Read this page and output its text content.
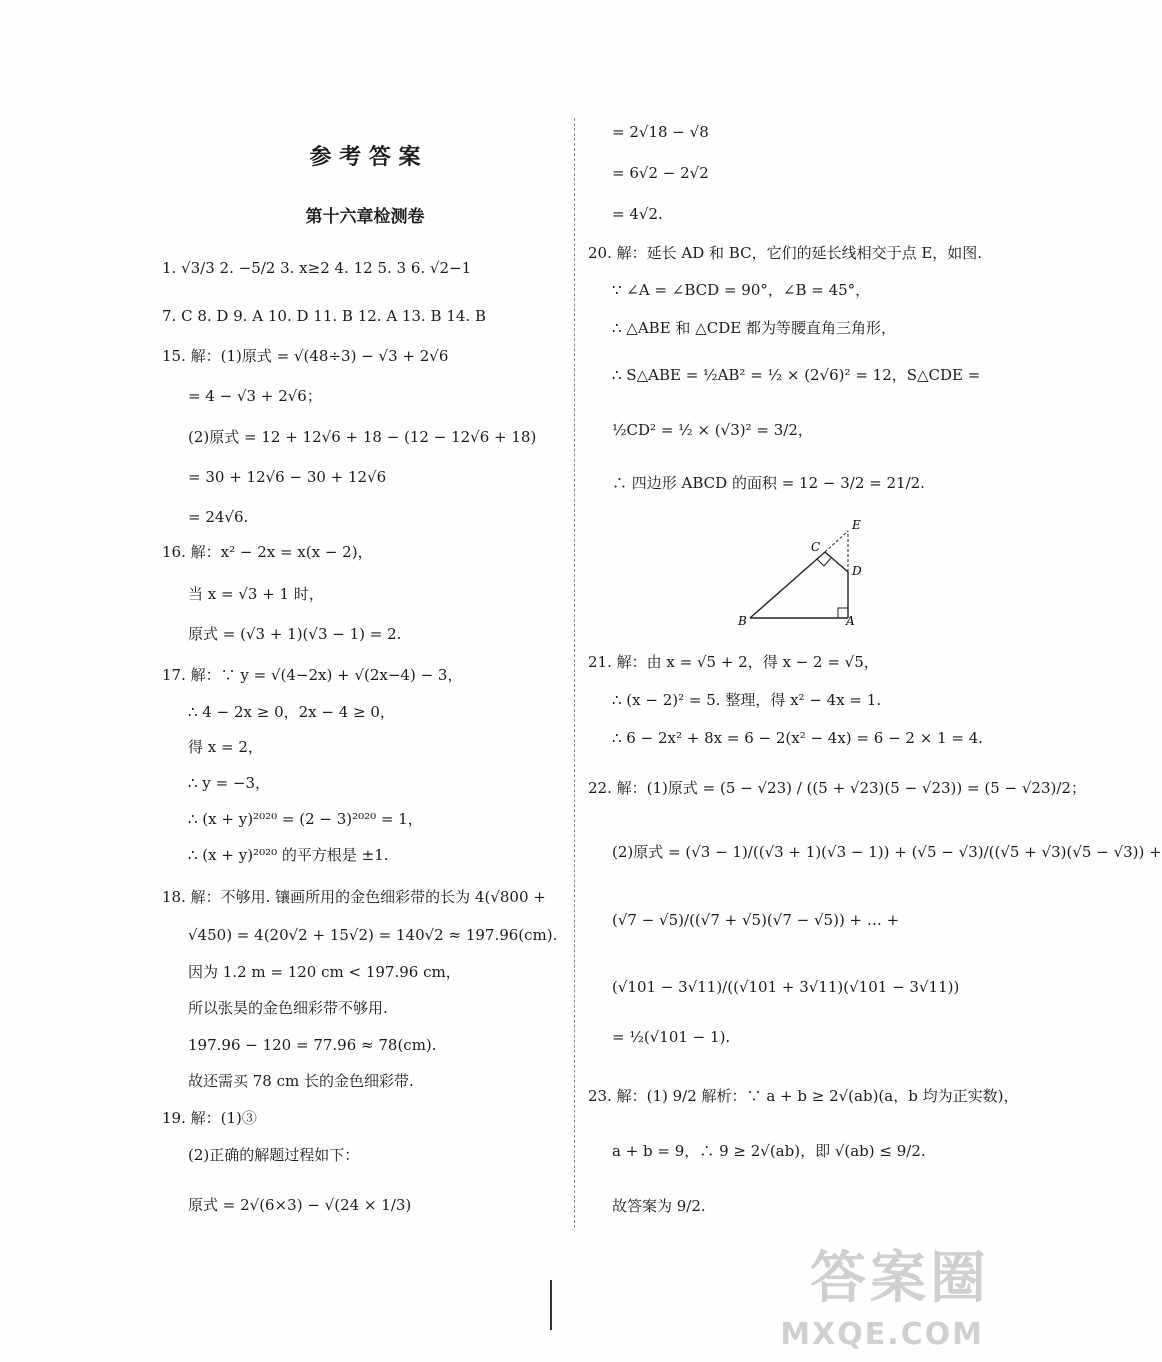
参 考 答 案
第十六章检测卷
1. √3/3 2. −5/2 3. x≥2 4. 12 5. 3 6. √2−1
7. C 8. D 9. A 10. D 11. B 12. A 13. B 14. B
15. 解：(1)原式 = √(48÷3) − √3 + 2√6
= 4 − √3 + 2√6；
(2)原式 = 12 + 12√6 + 18 − (12 − 12√6 + 18)
= 30 + 12√6 − 30 + 12√6
= 24√6.
16. 解：x² − 2x = x(x − 2)，
当 x = √3 + 1 时，
原式 = (√3 + 1)(√3 − 1) = 2.
17. 解：∵ y = √(4−2x) + √(2x−4) − 3，
∴ 4 − 2x ≥ 0，2x − 4 ≥ 0，
得 x = 2，
∴ y = −3，
∴ (x + y)²⁰²⁰ = (2 − 3)²⁰²⁰ = 1，
∴ (x + y)²⁰²⁰ 的平方根是 ±1.
18. 解：不够用. 镶画所用的金色细彩带的长为 4(√800 +
√450) = 4(20√2 + 15√2) = 140√2 ≈ 197.96(cm).
因为 1.2 m = 120 cm < 197.96 cm，
所以张昊的金色细彩带不够用.
197.96 − 120 = 77.96 ≈ 78(cm).
故还需买 78 cm 长的金色细彩带.
19. 解：(1)③
(2)正确的解题过程如下：
原式 = 2√(6×3) − √(24 × 1/3)
= 2√18 − √8
= 6√2 − 2√2
= 4√2.
20. 解：延长 AD 和 BC，它们的延长线相交于点 E，如图.
∵ ∠A = ∠BCD = 90°，∠B = 45°，
∴ △ABE 和 △CDE 都为等腰直角三角形，
∴ S△ABE = ½AB² = ½ × (2√6)² = 12，S△CDE =
½CD² = ½ × (√3)² = 3/2，
∴ 四边形 ABCD 的面积 = 12 − 3/2 = 21/2.
E
C
D
B	A
21. 解：由 x = √5 + 2，得 x − 2 = √5，
∴ (x − 2)² = 5. 整理，得 x² − 4x = 1.
∴ 6 − 2x² + 8x = 6 − 2(x² − 4x) = 6 − 2 × 1 = 4.
22. 解：(1)原式 = (5 − √23) / ((5 + √23)(5 − √23)) = (5 − √23)/2；
(2)原式 = (√3 − 1)/((√3 + 1)(√3 − 1)) + (√5 − √3)/((√5 + √3)(√5 − √3)) +
(√7 − √5)/((√7 + √5)(√7 − √5)) + … +
(√101 − 3√11)/((√101 + 3√11)(√101 − 3√11))
= ½(√101 − 1).
23. 解：(1) 9/2 解析：∵ a + b ≥ 2√(ab)(a，b 均为正实数)，
a + b = 9，∴ 9 ≥ 2√(ab)，即 √(ab) ≤ 9/2.
故答案为 9/2.
答案圈
MXQE.COM
